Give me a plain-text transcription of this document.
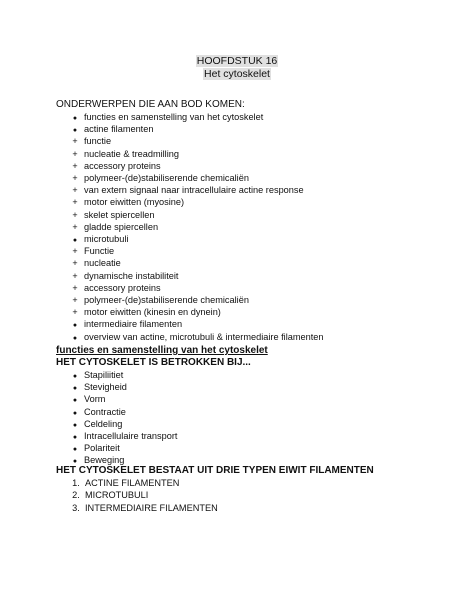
HOOFDSTUK 16
Het cytoskelet
ONDERWERPEN DIE AAN BOD KOMEN:
●
functies en samenstelling van het cytoskelet
●
actine filamenten
+
functie
+
nucleatie & treadmilling
+
accessory proteins
+
polymeer-(de)stabiliserende chemicaliën
+
van extern signaal naar intracellulaire actine response
+
motor eiwitten (myosine)
+
skelet spiercellen
+
gladde spiercellen
●
microtubuli
+
Functie
+
nucleatie
+
dynamische instabiliteit
+
accessory proteins
+
polymeer-(de)stabiliserende chemicaliën
+
motor eiwitten (kinesin en dynein)
●
intermediaire filamenten
●
overview van actine, microtubuli & intermediaire filamenten
functies en samenstelling van het cytoskelet
HET CYTOSKELET IS BETROKKEN BIJ...
●
Stapiliitiet
●
Stevigheid
●
Vorm
●
Contractie
●
Celdeling
●
Intracellulaire transport
●
Polariteit
●
Beweging
HET CYTOSKELET BESTAAT UIT DRIE TYPEN EIWIT FILAMENTEN
1. ACTINE FILAMENTEN
2. MICROTUBULI
3. INTERMEDIAIRE FILAMENTEN
